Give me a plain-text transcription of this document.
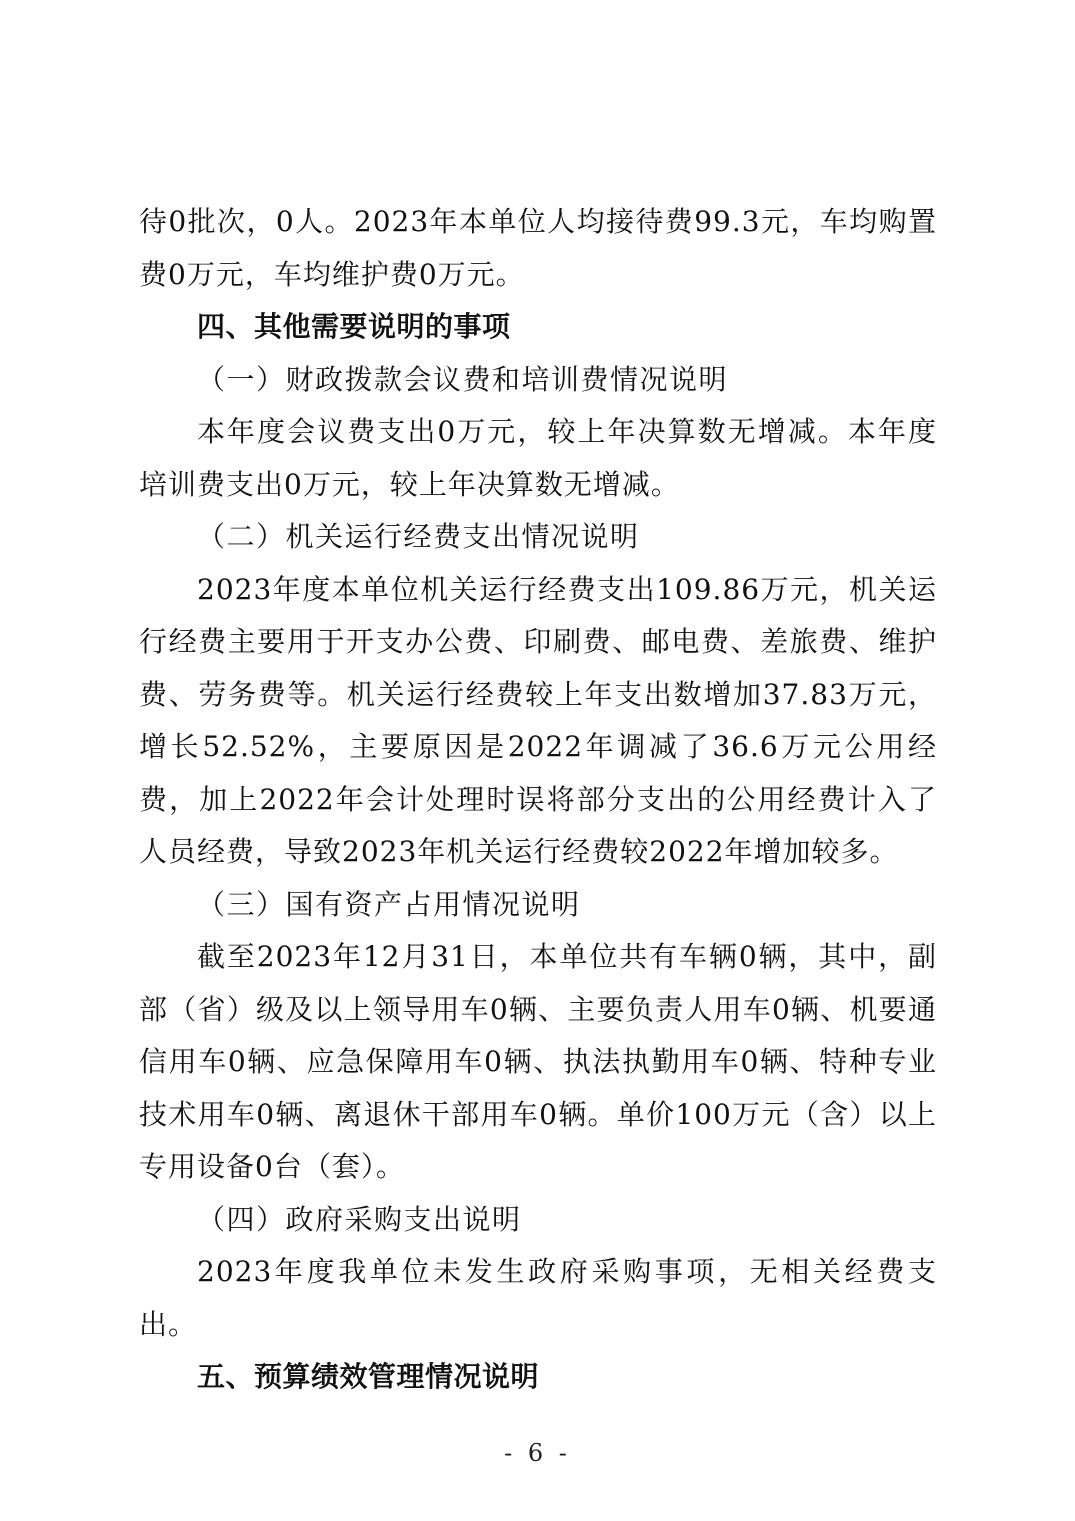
待0批次，0人。2023年本单位人均接待费99.3元，车均购置费0万元，车均维护费0万元。

四、其他需要说明的事项

（一）财政拨款会议费和培训费情况说明

本年度会议费支出0万元，较上年决算数无增减。本年度培训费支出0万元，较上年决算数无增减。

（二）机关运行经费支出情况说明

2023年度本单位机关运行经费支出109.86万元，机关运行经费主要用于开支办公费、印刷费、邮电费、差旅费、维护费、劳务费等。机关运行经费较上年支出数增加37.83万元，增长52.52%，主要原因是2022年调减了36.6万元公用经费，加上2022年会计处理时误将部分支出的公用经费计入了人员经费，导致2023年机关运行经费较2022年增加较多。

（三）国有资产占用情况说明

截至2023年12月31日，本单位共有车辆0辆，其中，副部（省）级及以上领导用车0辆、主要负责人用车0辆、机要通信用车0辆、应急保障用车0辆、执法执勤用车0辆、特种专业技术用车0辆、离退休干部用车0辆。单价100万元（含）以上专用设备0台（套）。

（四）政府采购支出说明

2023年度我单位未发生政府采购事项，无相关经费支出。

五、预算绩效管理情况说明

- 6 -
